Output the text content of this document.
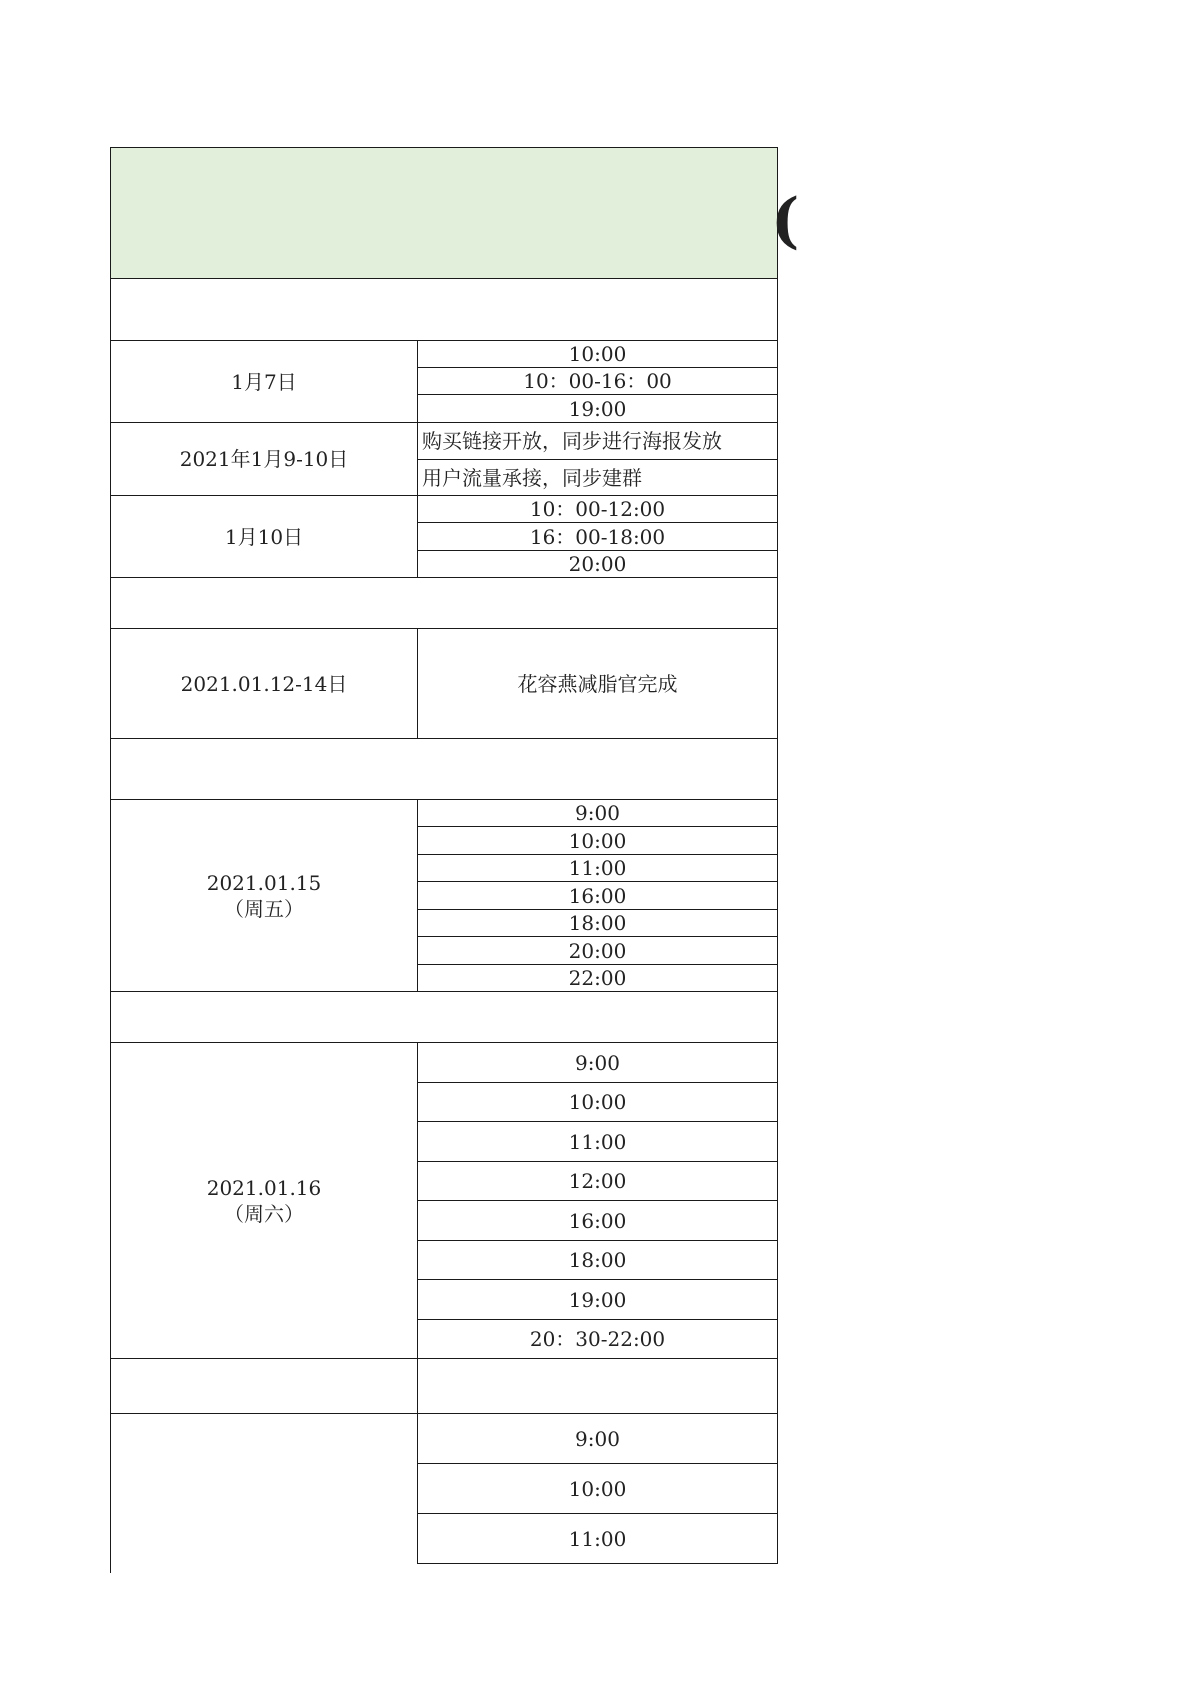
(
1月7日
10:00
10：00-16：00
19:00
2021年1月9-10日
购买链接开放，同步进行海报发放
用户流量承接，同步建群
1月10日
10：00-12:00
16：00-18:00
20:00
2021.01.12-14日	花容燕减脂官完成
2021.01.15
（周五）
9:00
10:00
11:00
16:00
18:00
20:00
22:00
2021.01.16
（周六）
9:00
10:00
11:00
12:00
16:00
18:00
19:00
20：30-22:00
9:00
10:00
11:00
